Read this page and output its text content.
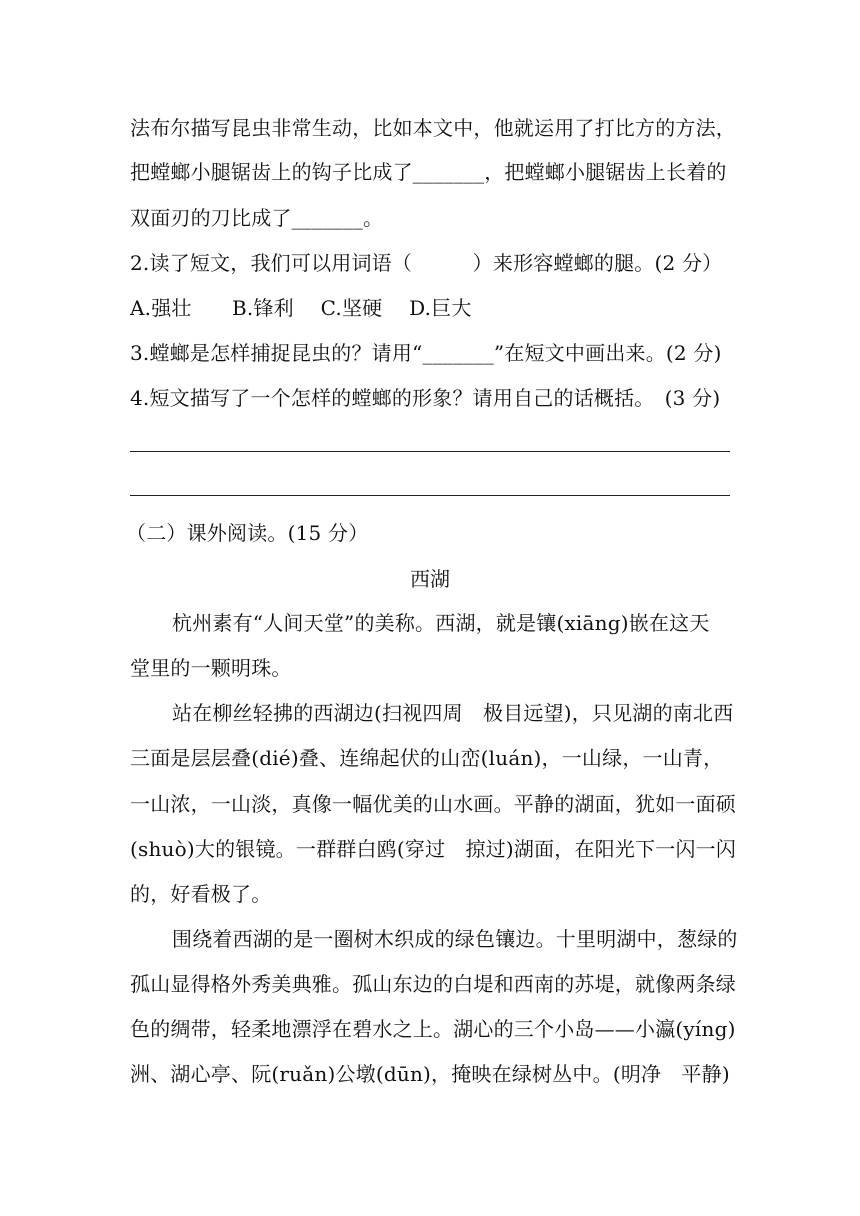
法布尔描写昆虫非常生动，比如本文中，他就运用了打比方的方法，
把螳螂小腿锯齿上的钩子比成了_______，把螳螂小腿锯齿上长着的
双面刃的刀比成了_______。
2.读了短文，我们可以用词语（　　　）来形容螳螂的腿。(2 分）
A.强壮　　B.锋利　 C.坚硬　 D.巨大
3.螳螂是怎样捕捉昆虫的？请用“_______”在短文中画出来。(2 分)
4.短文描写了一个怎样的螳螂的形象？请用自己的话概括。　(3 分)
（二）课外阅读。(15 分）
西湖
杭州素有“人间天堂”的美称。西湖，就是镶(xiāng)嵌在这天
堂里的一颗明珠。
站在柳丝轻拂的西湖边(扫视四周　极目远望)，只见湖的南北西
三面是层层叠(dié)叠、连绵起伏的山峦(luán)，一山绿，一山青，
一山浓，一山淡，真像一幅优美的山水画。平静的湖面，犹如一面硕
(shuò)大的银镜。一群群白鸥(穿过　掠过)湖面，在阳光下一闪一闪
的，好看极了。
围绕着西湖的是一圈树木织成的绿色镶边。十里明湖中，葱绿的
孤山显得格外秀美典雅。孤山东边的白堤和西南的苏堤，就像两条绿
色的绸带，轻柔地漂浮在碧水之上。湖心的三个小岛——小瀛(yíng)
洲、湖心亭、阮(ruǎn)公墩(dūn)，掩映在绿树丛中。(明净　平静)
